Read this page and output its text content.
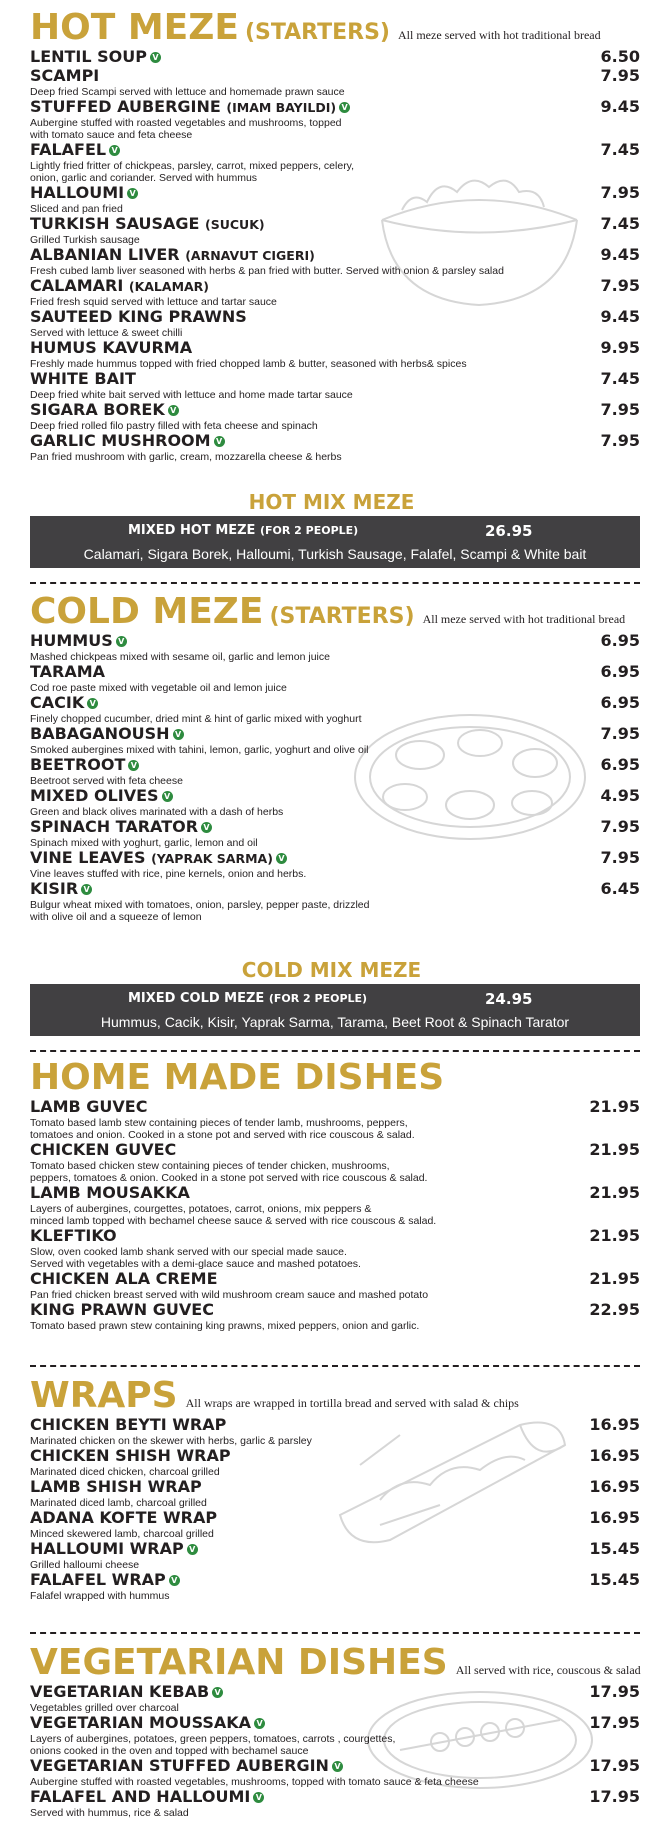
HOT MEZE (STARTERS) All meze served with hot traditional bread
LENTIL SOUP V	6.50
SCAMPI	7.95
Deep fried Scampi served with lettuce and homemade prawn sauce
STUFFED AUBERGINE (IMAM BAYILDI) V	9.45
Aubergine stuffed with roasted vegetables and mushrooms, topped
with tomato sauce and feta cheese
FALAFEL V	7.45
Lightly fried fritter of chickpeas, parsley, carrot, mixed peppers, celery,
onion, garlic and coriander. Served with hummus
HALLOUMI V	7.95
Sliced and pan fried
TURKISH SAUSAGE (SUCUK)	7.45
Grilled Turkish sausage
ALBANIAN LIVER (ARNAVUT CIGERI)	9.45
Fresh cubed lamb liver seasoned with herbs & pan fried with butter. Served with onion & parsley salad
CALAMARI (KALAMAR)	7.95
Fried fresh squid served with lettuce and tartar sauce
SAUTEED KING PRAWNS	9.45
Served with lettuce & sweet chilli
HUMUS KAVURMA	9.95
Freshly made hummus topped with fried chopped lamb & butter, seasoned with herbs& spices
WHITE BAIT	7.45
Deep fried white bait served with lettuce and home made tartar sauce
SIGARA BOREK V	7.95
Deep fried rolled filo pastry filled with feta cheese and spinach
GARLIC MUSHROOM V	7.95
Pan fried mushroom with garlic, cream, mozzarella cheese & herbs
HOT MIX MEZE
MIXED HOT MEZE (FOR 2 PEOPLE)	26.95
Calamari, Sigara Borek, Halloumi, Turkish Sausage, Falafel, Scampi & White bait
COLD MEZE (STARTERS) All meze served with hot traditional bread
HUMMUS V	6.95
Mashed chickpeas mixed with sesame oil, garlic and lemon juice
TARAMA	6.95
Cod roe paste mixed with vegetable oil and lemon juice
CACIK V	6.95
Finely chopped cucumber, dried mint & hint of garlic mixed with yoghurt
BABAGANOUSH V	7.95
Smoked aubergines mixed with tahini, lemon, garlic, yoghurt and olive oil
BEETROOT V	6.95
Beetroot served with feta cheese
MIXED OLIVES V	4.95
Green and black olives marinated with a dash of herbs
SPINACH TARATOR V	7.95
Spinach mixed with yoghurt, garlic, lemon and oil
VINE LEAVES (YAPRAK SARMA) V	7.95
Vine leaves stuffed with rice, pine kernels, onion and herbs.
KISIR V	6.45
Bulgur wheat mixed with tomatoes, onion, parsley, pepper paste, drizzled
with olive oil and a squeeze of lemon
COLD MIX MEZE
MIXED COLD MEZE (FOR 2 PEOPLE)	24.95
Hummus, Cacik, Kisir, Yaprak Sarma, Tarama, Beet Root & Spinach Tarator
HOME MADE DISHES
LAMB GUVEC	21.95
Tomato based lamb stew containing pieces of tender lamb, mushrooms, peppers,
tomatoes and onion. Cooked in a stone pot and served with rice couscous & salad.
CHICKEN GUVEC	21.95
Tomato based chicken stew containing pieces of tender chicken, mushrooms,
peppers, tomatoes & onion. Cooked in a stone pot served with rice couscous & salad.
LAMB MOUSAKKA	21.95
Layers of aubergines, courgettes, potatoes, carrot, onions, mix peppers &
minced lamb topped with bechamel cheese sauce & served with rice couscous & salad.
KLEFTIKO	21.95
Slow, oven cooked lamb shank served with our special made sauce.
Served with vegetables with a demi-glace sauce and mashed potatoes.
CHICKEN ALA CREME	21.95
Pan fried chicken breast served with wild mushroom cream sauce and mashed potato
KING PRAWN GUVEC	22.95
Tomato based prawn stew containing king prawns, mixed peppers, onion and garlic.
WRAPS All wraps are wrapped in tortilla bread and served with salad & chips
CHICKEN BEYTI WRAP	16.95
Marinated chicken on the skewer with herbs, garlic & parsley
CHICKEN SHISH WRAP	16.95
Marinated diced chicken, charcoal grilled
LAMB SHISH WRAP	16.95
Marinated diced lamb, charcoal grilled
ADANA KOFTE WRAP	16.95
Minced skewered lamb, charcoal grilled
HALLOUMI WRAP V	15.45
Grilled halloumi cheese
FALAFEL WRAP V	15.45
Falafel wrapped with hummus
VEGETARIAN DISHES All served with rice, couscous & salad
VEGETARIAN KEBAB V	17.95
Vegetables grilled over charcoal
VEGETARIAN MOUSSAKA V	17.95
Layers of aubergines, potatoes, green peppers, tomatoes, carrots , courgettes,
onions cooked in the oven and topped with bechamel sauce
VEGETARIAN STUFFED AUBERGIN V	17.95
Aubergine stuffed with roasted vegetables, mushrooms, topped with tomato sauce & feta cheese
FALAFEL AND HALLOUMI V	17.95
Served with hummus, rice & salad
